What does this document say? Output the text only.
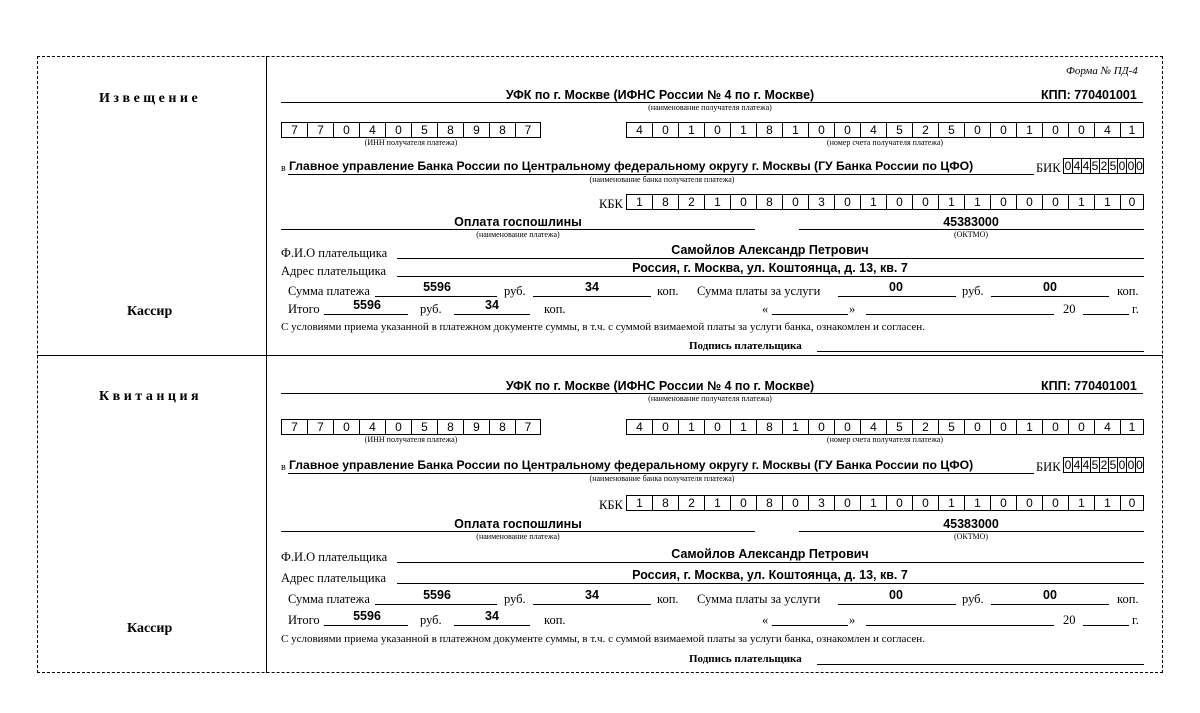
Форма № ПД-4
Извещение
Кассир
УФК по г. Москве (ИФНС России № 4 по г. Москве)	КПП: 770401001
(наименование получателя платежа)
7	7	0	4	0	5	8	9	8	7
(ИНН получателя платежа)
4	0	1	0	1	8	1	0	0	4	5	2	5	0	0	1	0	0	4	1
(номер счета получателя платежа)
в Главное управление Банка России по Центральному федеральному округу г. Москвы (ГУ Банка России по ЦФО)
(наименование банка получателя платежа)
БИК 0 4 4 5 2 5 0 0 0
КБК	1	8	2	1	0	8	0	3	0	1	0	0	1	1	0	0	0	1	1	0
Оплата госпошлины
(наименование платежа)
45383000
(ОКТМО)
Ф.И.О плательщика	Самойлов Александр Петрович
Адрес плательщика	Россия, г. Москва, ул. Коштоянца, д. 13, кв. 7
Сумма платежа	5596	руб.	34	коп. Сумма платы за услуги	00	руб.	00	коп.
Итого	5596	руб.	34	коп.	«	»	20	г.
С условиями приема указанной в платежном документе суммы, в т.ч. с суммой взимаемой платы за услуги банка, ознакомлен и согласен.
Подпись плательщика
Квитанция
Кассир
УФК по г. Москве (ИФНС России № 4 по г. Москве)	КПП: 770401001
(наименование получателя платежа)
7	7	0	4	0	5	8	9	8	7
(ИНН получателя платежа)
4	0	1	0	1	8	1	0	0	4	5	2	5	0	0	1	0	0	4	1
(номер счета получателя платежа)
в Главное управление Банка России по Центральному федеральному округу г. Москвы (ГУ Банка России по ЦФО)
(наименование банка получателя платежа)
БИК 0 4 4 5 2 5 0 0 0
КБК	1	8	2	1	0	8	0	3	0	1	0	0	1	1	0	0	0	1	1	0
Оплата госпошлины
(наименование платежа)
45383000
(ОКТМО)
Ф.И.О плательщика	Самойлов Александр Петрович
Адрес плательщика	Россия, г. Москва, ул. Коштоянца, д. 13, кв. 7
Сумма платежа	5596	руб.	34	коп. Сумма платы за услуги	00	руб.	00	коп.
Итого	5596	руб.	34	коп.	«	»	20	г.
С условиями приема указанной в платежном документе суммы, в т.ч. с суммой взимаемой платы за услуги банка, ознакомлен и согласен.
Подпись плательщика
